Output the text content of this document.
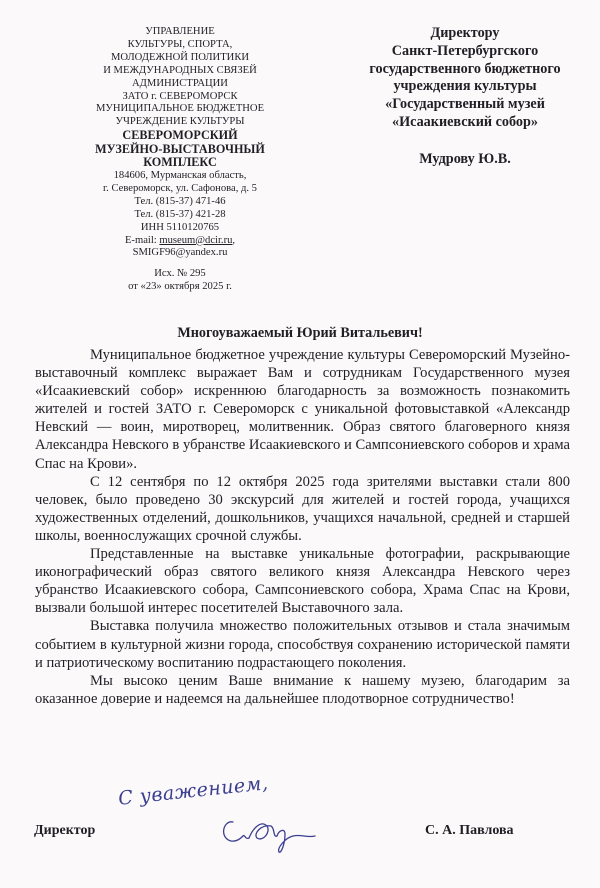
УПРАВЛЕНИЕ
КУЛЬТУРЫ, СПОРТА,
МОЛОДЕЖНОЙ ПОЛИТИКИ
И МЕЖДУНАРОДНЫХ СВЯЗЕЙ
АДМИНИСТРАЦИИ
ЗАТО г. СЕВЕРОМОРСК
МУНИЦИПАЛЬНОЕ БЮДЖЕТНОЕ
УЧРЕЖДЕНИЕ КУЛЬТУРЫ
СЕВЕРОМОРСКИЙ
МУЗЕЙНО-ВЫСТАВОЧНЫЙ
КОМПЛЕКС
184606, Мурманская область,
г. Североморск, ул. Сафонова, д. 5
Тел. (815-37) 471-46
Тел. (815-37) 421-28
ИНН 5110120765
E-mail: museum@dcir.ru,
SMIGF96@yandex.ru
Исх. № 295
от «23» октября 2025 г.
Директору
Санкт-Петербургского
государственного бюджетного
учреждения культуры
«Государственный музей
«Исаакиевский собор»
Мудрову Ю.В.
Многоуважаемый Юрий Витальевич!

Муниципальное бюджетное учреждение культуры Североморский Музейно-выставочный комплекс выражает Вам и сотрудникам Государственного музея «Исаакиевский собор» искреннюю благодарность за возможность познакомить жителей и гостей ЗАТО г. Североморск с уникальной фотовыставкой «Александр Невский — воин, миротворец, молитвенник. Образ святого благоверного князя Александра Невского в убранстве Исаакиевского и Сампсониевского соборов и храма Спас на Крови».

С 12 сентября по 12 октября 2025 года зрителями выставки стали 800 человек, было проведено 30 экскурсий для жителей и гостей города, учащихся художественных отделений, дошкольников, учащихся начальной, средней и старшей школы, военнослужащих срочной службы.

Представленные на выставке уникальные фотографии, раскрывающие иконографический образ святого великого князя Александра Невского через убранство Исаакиевского собора, Сампсониевского собора, Храма Спас на Крови, вызвали большой интерес посетителей Выставочного зала.

Выставка получила множество положительных отзывов и стала значимым событием в культурной жизни города, способствуя сохранению исторической памяти и патриотическому воспитанию подрастающего поколения.

Мы высоко ценим Ваше внимание к нашему музею, благодарим за оказанное доверие и надеемся на дальнейшее плодотворное сотрудничество!

С уважением,
Директор	С. А. Павлова
